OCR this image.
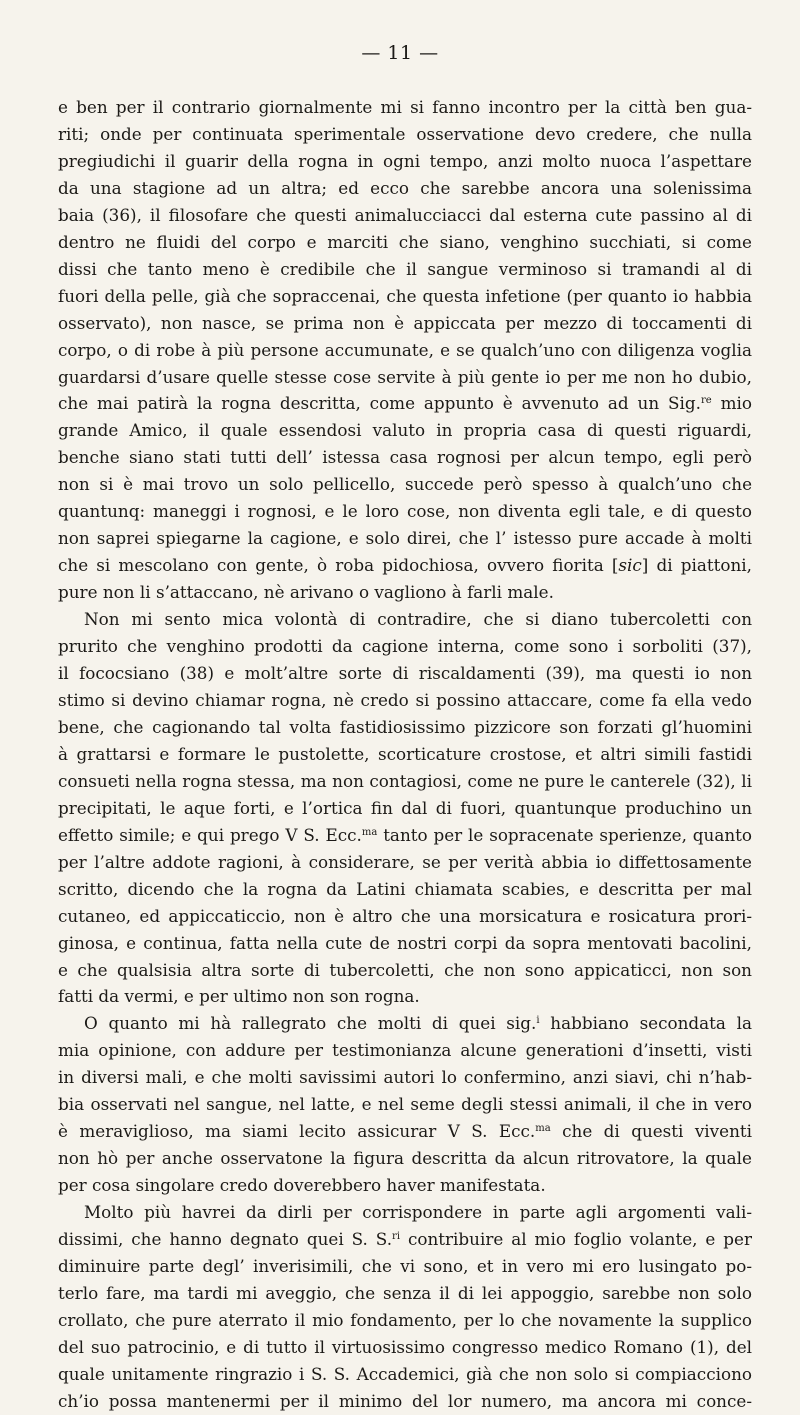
— 11 —
e ben per il contrario giornalmente mi si fanno incontro per la città ben gua-
riti; onde per continuata sperimentale osservatione devo credere, che nulla
pregiudichi il guarir della rogna in ogni tempo, anzi molto nuoca l’aspettare
da una stagione ad un altra; ed ecco che sarebbe ancora una solenissima
baia (36), il filosofare che questi animalucciacci dal esterna cute passino al di
dentro ne fluidi del corpo e marciti che siano, venghino succhiati, si come
dissi che tanto meno è credibile che il sangue verminoso si tramandi al di
fuori della pelle, già che sopraccenai, che questa infetione (per quanto io habbia
osservato), non nasce, se prima non è appiccata per mezzo di toccamenti di
corpo, o di robe à più persone accumunate, e se qualch’uno con diligenza voglia
guardarsi d’usare quelle stesse cose servite à più gente io per me non ho dubio,
che mai patirà la rogna descritta, come appunto è avvenuto ad un Sig.$^{re}$ mio
grande Amico, il quale essendosi valuto in propria casa di questi riguardi,
benche siano stati tutti dell’ istessa casa rognosi per alcun tempo, egli però
non si è mai trovo un solo pellicello, succede però spesso à qualch’uno che
quantunq: maneggi i rognosi, e le loro cose, non diventa egli tale, e di questo
non saprei spiegarne la cagione, e solo direi, che l’ istesso pure accade à molti
che si mescolano con gente, ò roba pidochiosa, ovvero fiorita [sic] di piattoni,
pure non li s’attaccano, nè arivano o vagliono à farli male.
Non mi sento mica volontà di contradire, che si diano tubercoletti con
prurito che venghino prodotti da cagione interna, come sono i sorboliti (37),
il fococsiano (38) e molt’altre sorte di riscaldamenti (39), ma questi io non
stimo si devino chiamar rogna, nè credo si possino attaccare, come fa ella vedo
bene, che cagionando tal volta fastidiosissimo pizzicore son forzati gl’huomini
à grattarsi e formare le pustolette, scorticature crostose, et altri simili fastidi
consueti nella rogna stessa, ma non contagiosi, come ne pure le canterele (32), li
precipitati, le aque forti, e l’ortica fin dal di fuori, quantunque produchino un
effetto simile; e qui prego V S. Ecc.$^{ma}$ tanto per le sopracenate sperienze, quanto
per l’altre addote ragioni, à considerare, se per verità abbia io diffettosamente
scritto, dicendo che la rogna da Latini chiamata scabies, e descritta per mal
cutaneo, ed appiccaticcio, non è altro che una morsicatura e rosicatura prori-
ginosa, e continua, fatta nella cute de nostri corpi da sopra mentovati bacolini,
e che qualsisia altra sorte di tubercoletti, che non sono appicaticci, non son
fatti da vermi, e per ultimo non son rogna.
O quanto mi hà rallegrato che molti di quei sig.$^i$ habbiano secondata la
mia opinione, con addure per testimonianza alcune generationi d’insetti, visti
in diversi mali, e che molti savissimi autori lo confermino, anzi siavi, chi n’hab-
bia osservati nel sangue, nel latte, e nel seme degli stessi animali, il che in vero
è meraviglioso, ma siami lecito assicurar V S. Ecc.$^{ma}$ che di questi viventi
non hò per anche osservatone la figura descritta da alcun ritrovatore, la quale
per cosa singolare credo doverebbero haver manifestata.
Molto più havrei da dirli per corrispondere in parte agli argomenti vali-
dissimi, che hanno degnato quei S. S.$^{ri}$ contribuire al mio foglio volante, e per
diminuire parte degl’ inverisimili, che vi sono, et in vero mi ero lusingato po-
terlo fare, ma tardi mi aveggio, che senza il di lei appoggio, sarebbe non solo
crollato, che pure aterrato il mio fondamento, per lo che novamente la supplico
del suo patrocinio, e di tutto il virtuosissimo congresso medico Romano (1), del
quale unitamente ringrazio i S. S. Accademici, già che non solo si compiacciono
ch’io possa mantenermi per il minimo del lor numero, ma ancora mi conce-
